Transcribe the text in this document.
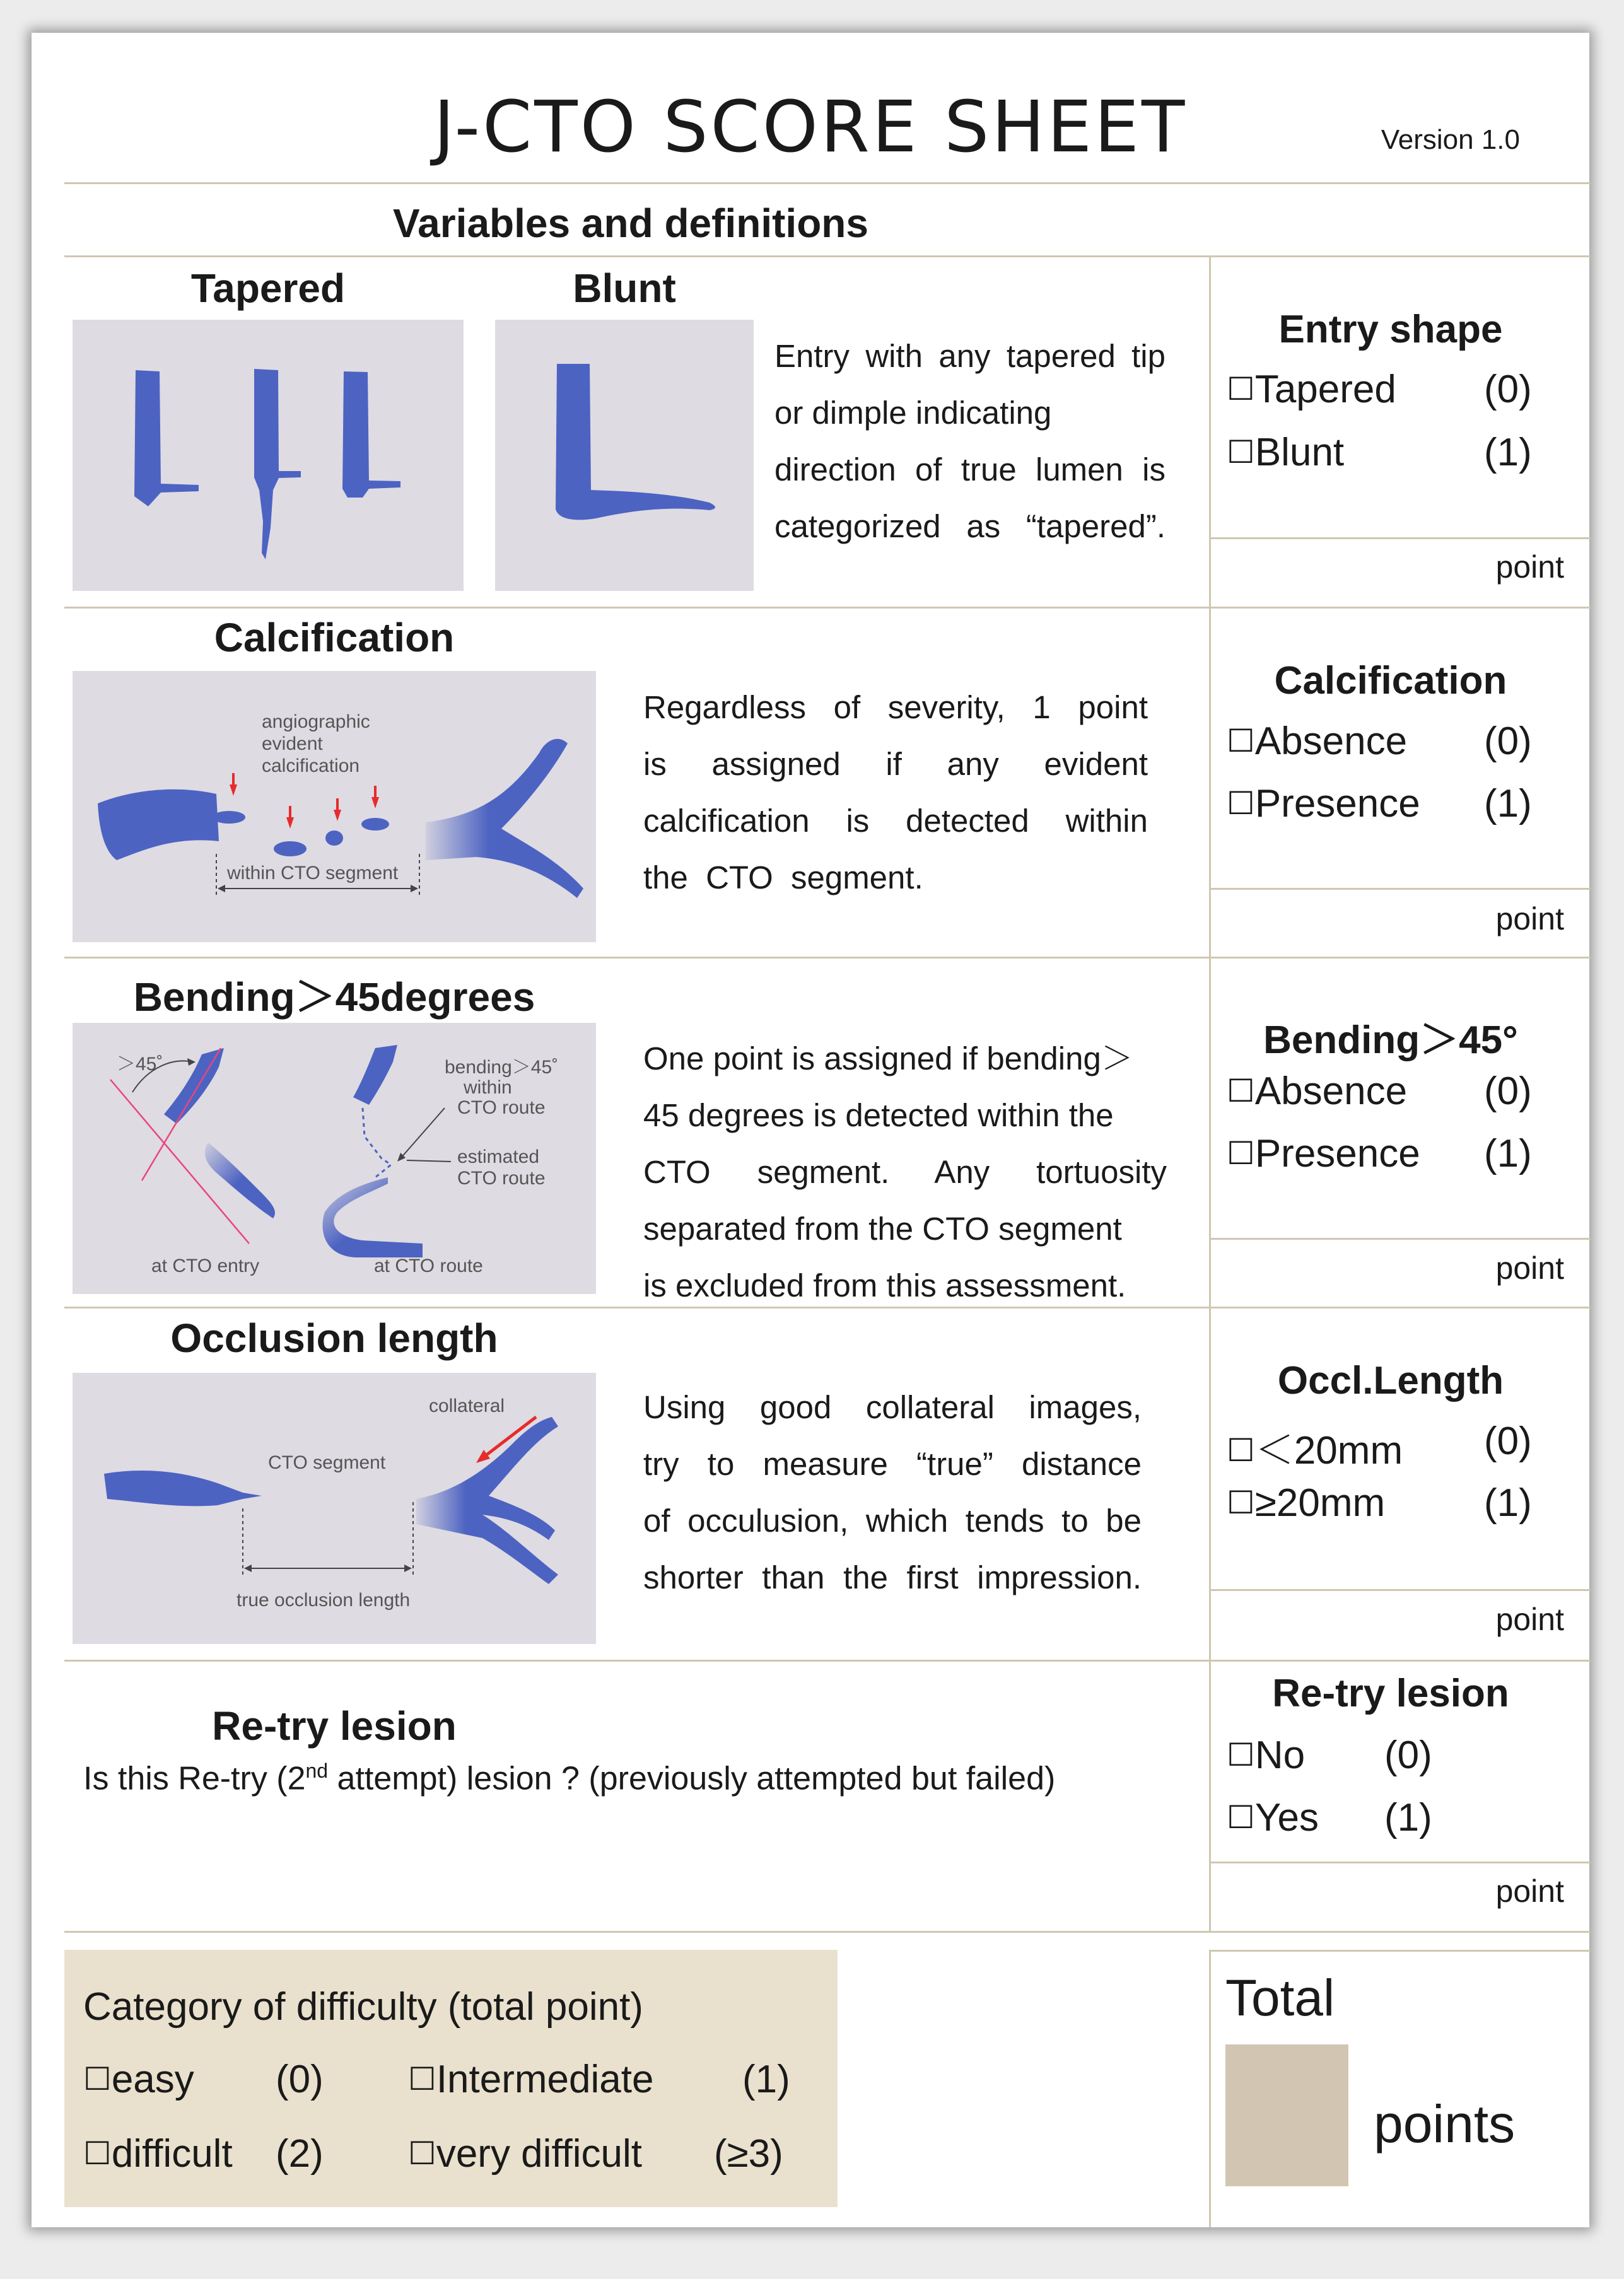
J-CTO SCORE SHEET	Version 1.0
Variables and definitions
Tapered	Blunt
Entry with any tapered tip
or dimple indicating
direction of true lumen is
categorized as “tapered”.
Entry shape
☐Tapered (0)
☐Blunt	(1)
point
Calcification
angiographic
evident
calcification
within CTO segment
Regardless of severity, 1 point
is assigned if any evident
calcification is detected within
the CTO segment.
Calcification
☐Absence (0)
☐Presence (1)
point
Bending＞45degrees
＞45˚
at CTO entry
bending＞45˚
within
CTO route
estimated
CTO route
at CTO route
One point is assigned if bending＞
45 degrees is detected within the
CTO segment. Any tortuosity
separated from the CTO segment
is excluded from this assessment.
Bending＞45°
☐Absence (0)
☐Presence (1)
point
Occlusion length
collateral
CTO segment
true occlusion length
Using good collateral images,
try to measure “true” distance
of occulusion, which tends to be
shorter than the first impression.
Occl.Length
☐＜20mm (0)
☐≥20mm	(1)
point
Re-try lesion
Is this Re-try (2nd attempt) lesion ? (previously attempted but failed)
Re-try lesion
☐No (0)
☐Yes (1)
point
Category of difficulty (total point)
☐easy (0)	☐Intermediate (1)
☐difficult (2)	☐very difficult (≥3)
Total
points
